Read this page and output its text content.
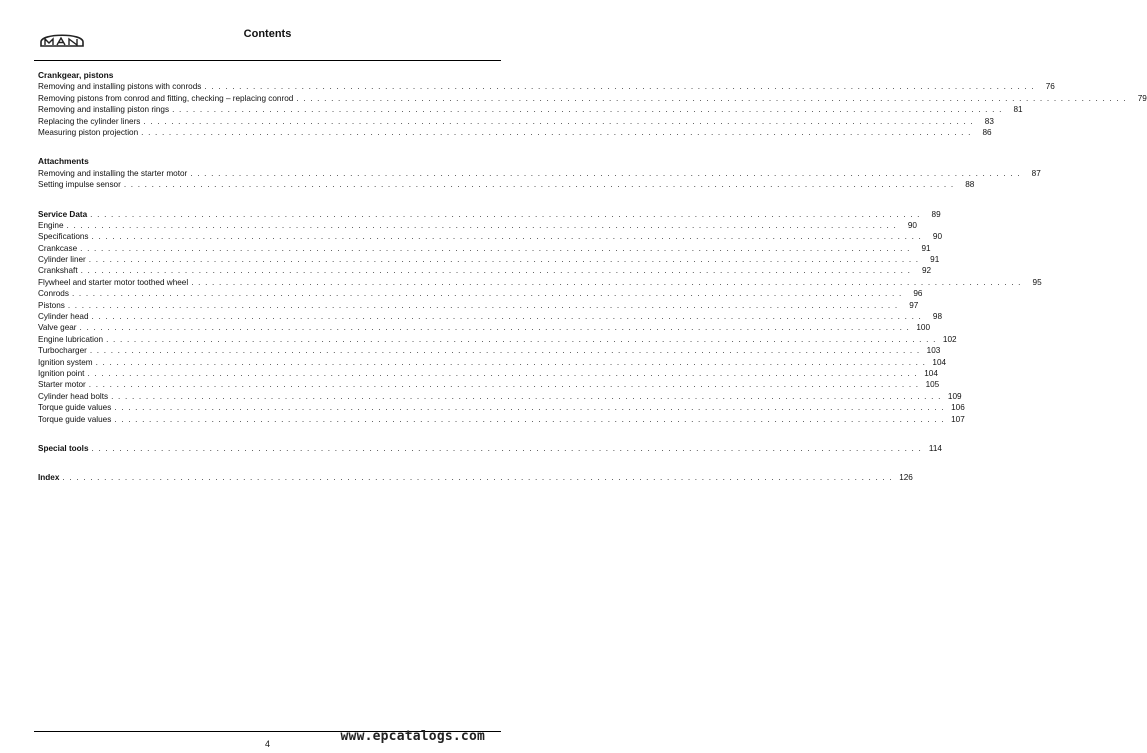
MAN	Contents
Crankgear, pistons
Removing and installing pistons with conrods . . . . . . . . . . . . . . . . . . . . . . . . . . . . . . . . . . . . . . . . . . . . . . . . . . . . . . . . . . . . . . . . . . . . . . . . . . . . . . . . . . . . . . . . . . . . . . . . . . . . . . . . . . . . . . . . . . . . . . . .	76
Removing pistons from conrod and fitting, checking – replacing conrod . . . . . . . . . . . . . . . . . . . . . . . . . . . . . . . . . . . . . . . . . . . . . . . . . . . . . . . . . . . . . . . . . . . . . . . . . . . . . . . . . . . . . . . . . . . . . . . . . . . . . . . . . . . . . . . . . . . . . . . .	79
Removing and installing piston rings . . . . . . . . . . . . . . . . . . . . . . . . . . . . . . . . . . . . . . . . . . . . . . . . . . . . . . . . . . . . . . . . . . . . . . . . . . . . . . . . . . . . . . . . . . . . . . . . . . . . . . . . . . . . . . . . . . . . . . . .	81
Replacing the cylinder liners . . . . . . . . . . . . . . . . . . . . . . . . . . . . . . . . . . . . . . . . . . . . . . . . . . . . . . . . . . . . . . . . . . . . . . . . . . . . . . . . . . . . . . . . . . . . . . . . . . . . . . . . . . . . . . . . . . . . . . . .	83
Measuring piston projection . . . . . . . . . . . . . . . . . . . . . . . . . . . . . . . . . . . . . . . . . . . . . . . . . . . . . . . . . . . . . . . . . . . . . . . . . . . . . . . . . . . . . . . . . . . . . . . . . . . . . . . . . . . . . . . . . . . . . . . .	86
Attachments
Removing and installing the starter motor . . . . . . . . . . . . . . . . . . . . . . . . . . . . . . . . . . . . . . . . . . . . . . . . . . . . . . . . . . . . . . . . . . . . . . . . . . . . . . . . . . . . . . . . . . . . . . . . . . . . . . . . . . . . . . . . . . . . . . . .	87
Setting impulse sensor . . . . . . . . . . . . . . . . . . . . . . . . . . . . . . . . . . . . . . . . . . . . . . . . . . . . . . . . . . . . . . . . . . . . . . . . . . . . . . . . . . . . . . . . . . . . . . . . . . . . . . . . . . . . . . . . . . . . . . . .	88
Service Data . . . . . . . . . . . . . . . . . . . . . . . . . . . . . . . . . . . . . . . . . . . . . . . . . . . . . . . . . . . . . . . . . . . . . . . . . . . . . . . . . . . . . . . . . . . . . . . . . . . . . . . . . . . . . . . . . . . . . . . .	89
Engine . . . . . . . . . . . . . . . . . . . . . . . . . . . . . . . . . . . . . . . . . . . . . . . . . . . . . . . . . . . . . . . . . . . . . . . . . . . . . . . . . . . . . . . . . . . . . . . . . . . . . . . . . . . . . . . . . . . . . . . .	90
Specifications . . . . . . . . . . . . . . . . . . . . . . . . . . . . . . . . . . . . . . . . . . . . . . . . . . . . . . . . . . . . . . . . . . . . . . . . . . . . . . . . . . . . . . . . . . . . . . . . . . . . . . . . . . . . . . . . . . . . . . . .	90
Crankcase . . . . . . . . . . . . . . . . . . . . . . . . . . . . . . . . . . . . . . . . . . . . . . . . . . . . . . . . . . . . . . . . . . . . . . . . . . . . . . . . . . . . . . . . . . . . . . . . . . . . . . . . . . . . . . . . . . . . . . . .	91
Cylinder liner . . . . . . . . . . . . . . . . . . . . . . . . . . . . . . . . . . . . . . . . . . . . . . . . . . . . . . . . . . . . . . . . . . . . . . . . . . . . . . . . . . . . . . . . . . . . . . . . . . . . . . . . . . . . . . . . . . . . . . . .	91
Crankshaft . . . . . . . . . . . . . . . . . . . . . . . . . . . . . . . . . . . . . . . . . . . . . . . . . . . . . . . . . . . . . . . . . . . . . . . . . . . . . . . . . . . . . . . . . . . . . . . . . . . . . . . . . . . . . . . . . . . . . . . .	92
Flywheel and starter motor toothed wheel . . . . . . . . . . . . . . . . . . . . . . . . . . . . . . . . . . . . . . . . . . . . . . . . . . . . . . . . . . . . . . . . . . . . . . . . . . . . . . . . . . . . . . . . . . . . . . . . . . . . . . . . . . . . . . . . . . . . . . . .	95
Conrods . . . . . . . . . . . . . . . . . . . . . . . . . . . . . . . . . . . . . . . . . . . . . . . . . . . . . . . . . . . . . . . . . . . . . . . . . . . . . . . . . . . . . . . . . . . . . . . . . . . . . . . . . . . . . . . . . . . . . . . .	96
Pistons . . . . . . . . . . . . . . . . . . . . . . . . . . . . . . . . . . . . . . . . . . . . . . . . . . . . . . . . . . . . . . . . . . . . . . . . . . . . . . . . . . . . . . . . . . . . . . . . . . . . . . . . . . . . . . . . . . . . . . . .	97
Cylinder head . . . . . . . . . . . . . . . . . . . . . . . . . . . . . . . . . . . . . . . . . . . . . . . . . . . . . . . . . . . . . . . . . . . . . . . . . . . . . . . . . . . . . . . . . . . . . . . . . . . . . . . . . . . . . . . . . . . . . . . .	98
Valve gear . . . . . . . . . . . . . . . . . . . . . . . . . . . . . . . . . . . . . . . . . . . . . . . . . . . . . . . . . . . . . . . . . . . . . . . . . . . . . . . . . . . . . . . . . . . . . . . . . . . . . . . . . . . . . . . . . . . . . . . . 100
Engine lubrication . . . . . . . . . . . . . . . . . . . . . . . . . . . . . . . . . . . . . . . . . . . . . . . . . . . . . . . . . . . . . . . . . . . . . . . . . . . . . . . . . . . . . . . . . . . . . . . . . . . . . . . . . . . . . . . . . . . . . . . . 102
Turbocharger . . . . . . . . . . . . . . . . . . . . . . . . . . . . . . . . . . . . . . . . . . . . . . . . . . . . . . . . . . . . . . . . . . . . . . . . . . . . . . . . . . . . . . . . . . . . . . . . . . . . . . . . . . . . . . . . . . . . . . . . 103
Ignition system . . . . . . . . . . . . . . . . . . . . . . . . . . . . . . . . . . . . . . . . . . . . . . . . . . . . . . . . . . . . . . . . . . . . . . . . . . . . . . . . . . . . . . . . . . . . . . . . . . . . . . . . . . . . . . . . . . . . . . . . 104
Ignition point . . . . . . . . . . . . . . . . . . . . . . . . . . . . . . . . . . . . . . . . . . . . . . . . . . . . . . . . . . . . . . . . . . . . . . . . . . . . . . . . . . . . . . . . . . . . . . . . . . . . . . . . . . . . . . . . . . . . . . . . 104
Starter motor . . . . . . . . . . . . . . . . . . . . . . . . . . . . . . . . . . . . . . . . . . . . . . . . . . . . . . . . . . . . . . . . . . . . . . . . . . . . . . . . . . . . . . . . . . . . . . . . . . . . . . . . . . . . . . . . . . . . . . . . 105
Cylinder head bolts . . . . . . . . . . . . . . . . . . . . . . . . . . . . . . . . . . . . . . . . . . . . . . . . . . . . . . . . . . . . . . . . . . . . . . . . . . . . . . . . . . . . . . . . . . . . . . . . . . . . . . . . . . . . . . . . . . . . . . . . 109
Torque guide values . . . . . . . . . . . . . . . . . . . . . . . . . . . . . . . . . . . . . . . . . . . . . . . . . . . . . . . . . . . . . . . . . . . . . . . . . . . . . . . . . . . . . . . . . . . . . . . . . . . . . . . . . . . . . . . . . . . . . . . . 106
Torque guide values . . . . . . . . . . . . . . . . . . . . . . . . . . . . . . . . . . . . . . . . . . . . . . . . . . . . . . . . . . . . . . . . . . . . . . . . . . . . . . . . . . . . . . . . . . . . . . . . . . . . . . . . . . . . . . . . . . . . . . . . 107
Special tools . . . . . . . . . . . . . . . . . . . . . . . . . . . . . . . . . . . . . . . . . . . . . . . . . . . . . . . . . . . . . . . . . . . . . . . . . . . . . . . . . . . . . . . . . . . . . . . . . . . . . . . . . . . . . . . . . . . . . . . . 114
Index . . . . . . . . . . . . . . . . . . . . . . . . . . . . . . . . . . . . . . . . . . . . . . . . . . . . . . . . . . . . . . . . . . . . . . . . . . . . . . . . . . . . . . . . . . . . . . . . . . . . . . . . . . . . . . . . . . . . . . . . 126
4	www.epcatalogs.com
